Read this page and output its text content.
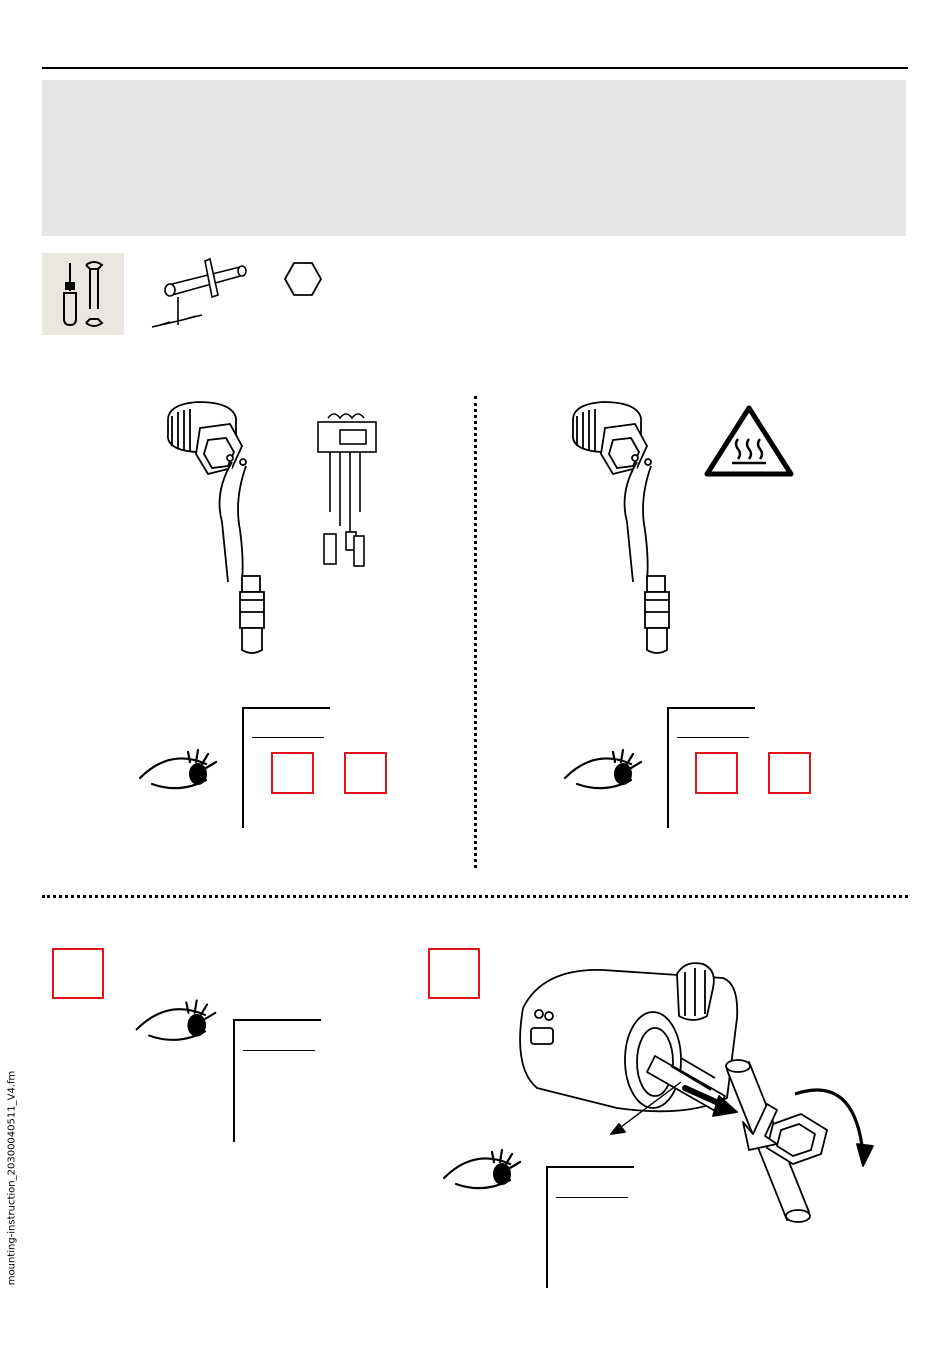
mounting-instruction_20300040511_V4.fm
